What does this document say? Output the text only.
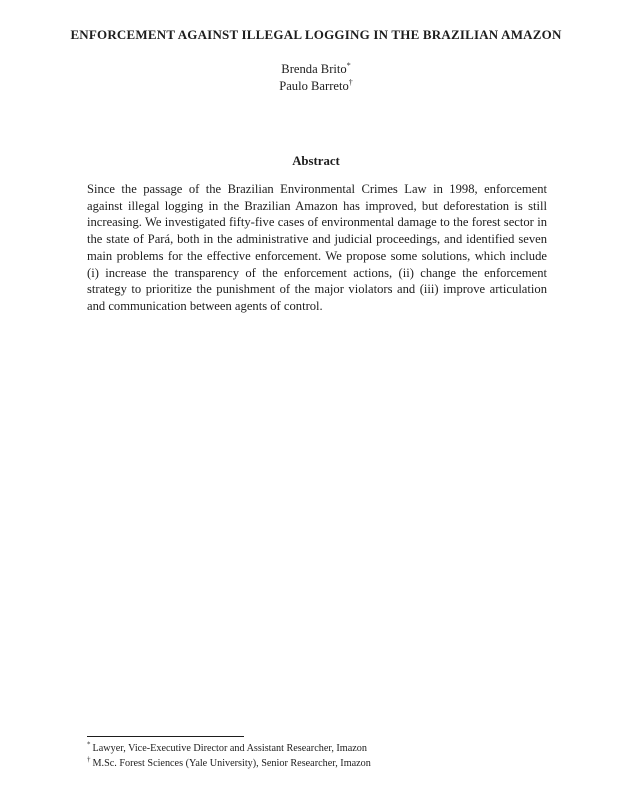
ENFORCEMENT AGAINST ILLEGAL LOGGING IN THE BRAZILIAN AMAZON
Brenda Brito*
Paulo Barreto†
Abstract

Since the passage of the Brazilian Environmental Crimes Law in 1998, enforcement against illegal logging in the Brazilian Amazon has improved, but deforestation is still increasing. We investigated fifty-five cases of environmental damage to the forest sector in the state of Pará, both in the administrative and judicial proceedings, and identified seven main problems for the effective enforcement. We propose some solutions, which include (i) increase the transparency of the enforcement actions, (ii) change the enforcement strategy to prioritize the punishment of the major violators and (iii) improve articulation and communication between agents of control.

* Lawyer, Vice-Executive Director and Assistant Researcher, Imazon
† M.Sc. Forest Sciences (Yale University), Senior Researcher, Imazon
